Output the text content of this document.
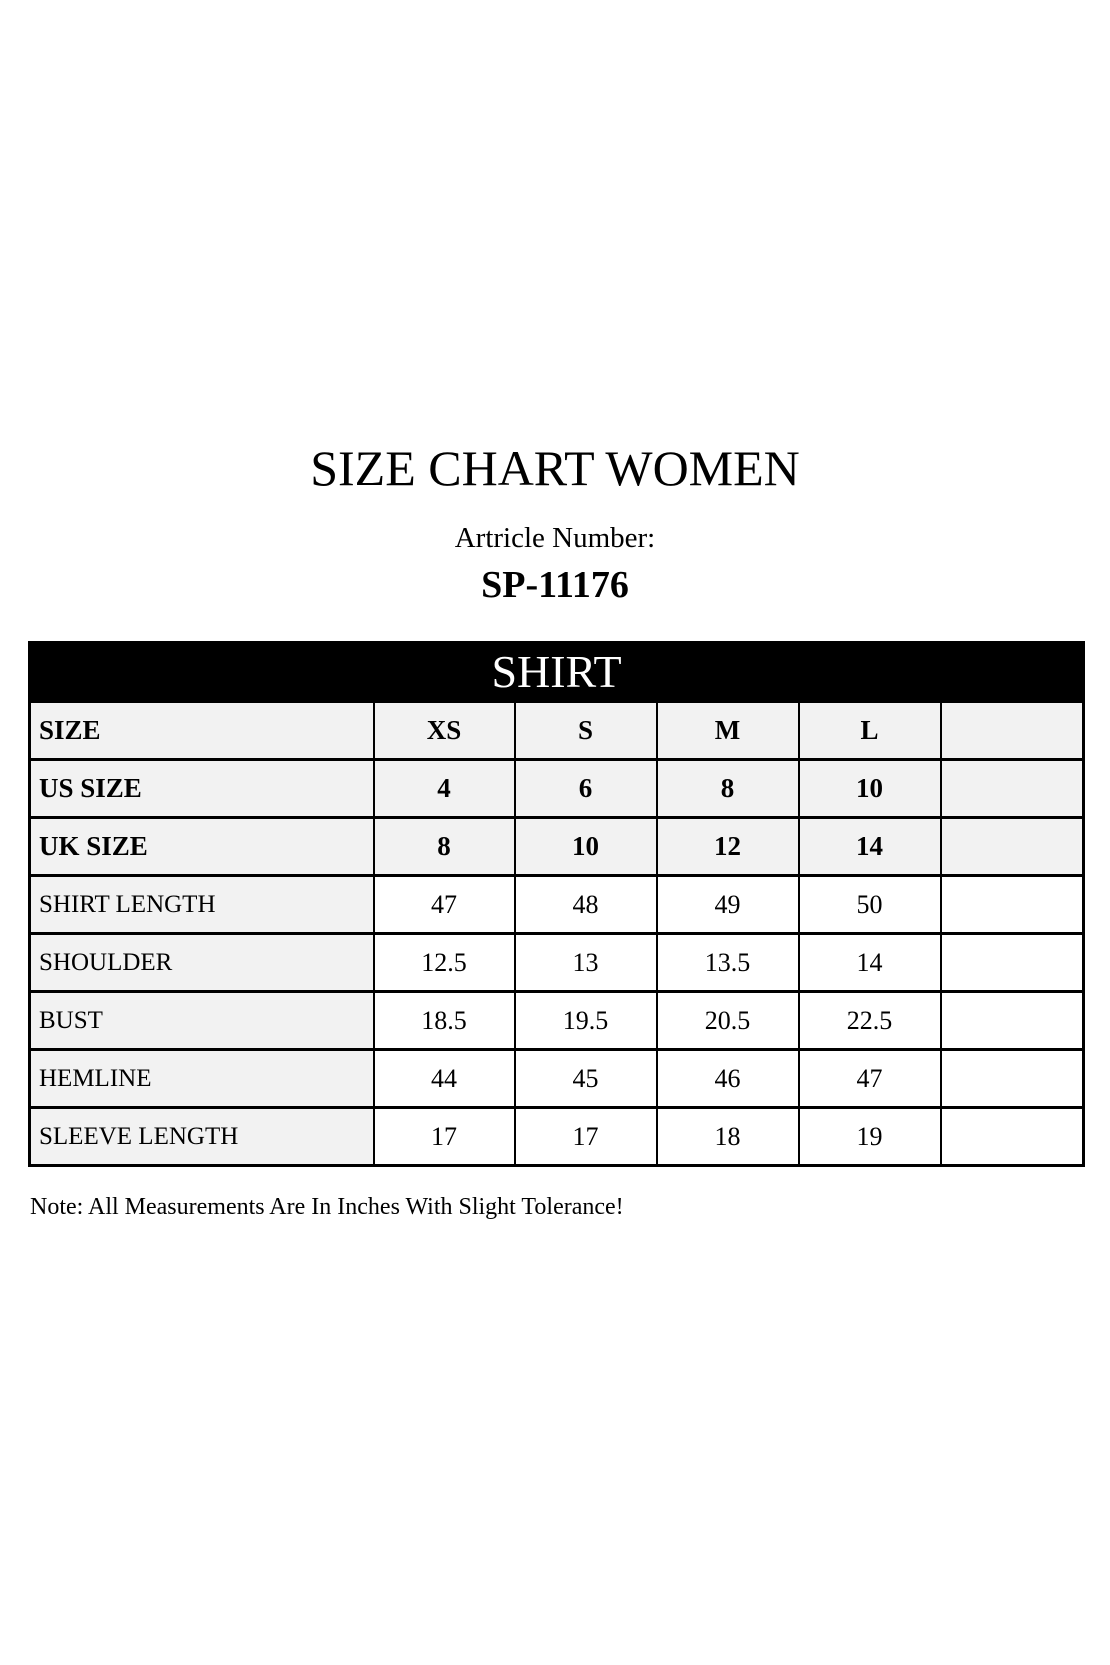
SIZE CHART WOMEN
Artricle Number:
SP-11176
SHIRT					
SIZE	XS	S	M	L	
US SIZE	4	6	8	10	
UK SIZE	8	10	12	14	
SHIRT LENGTH	47	48	49	50	
SHOULDER	12.5	13	13.5	14	
BUST	18.5	19.5	20.5	22.5	
HEMLINE	44	45	46	47	
SLEEVE LENGTH	17	17	18	19	
Note: All Measurements Are In Inches With Slight Tolerance!
